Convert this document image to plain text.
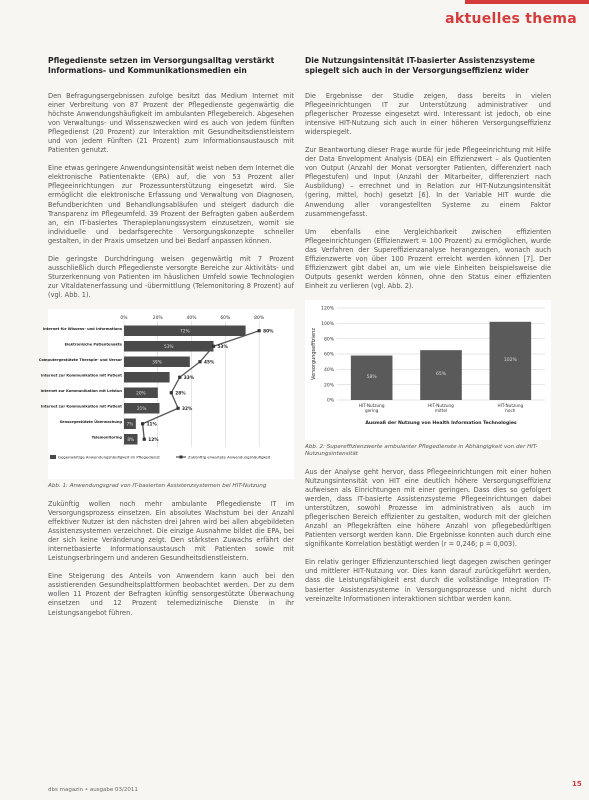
aktuelles thema
Pflegedienste setzen im Versorgungsalltag verstärkt Informations- und Kommunikationsmedien ein

Den Befragungsergebnissen zufolge besitzt das Medium Internet mit einer Verbreitung von 87 Prozent der Pflegedienste gegenwärtig die höchste Anwendungshäufigkeit im ambulanten Pflegebereich. Abgesehen von Verwaltungs- und Wissenszwecken wird es auch von jedem fünften Pflegedienst (20 Prozent) zur Interaktion mit Gesundheitsdienstleistern und von jedem Fünften (21 Prozent) zum Informationsaustausch mit Patienten genutzt.

Eine etwas geringere Anwendungsintensität weist neben dem Internet die elektronische Patientenakte (EPA) auf, die von 53 Prozent aller Pflegeeinrichtungen zur Prozessunterstützung eingesetzt wird. Sie ermöglicht die elektronische Erfassung und Verwaltung von Diagnosen, Befundberichten und Behandlungsabläufen und steigert dadurch die Transparenz im Pflegeumfeld. 39 Prozent der Befragten gaben außerdem an, ein IT-basiertes Therapieplanungssystem einzusetzen, womit sie individuelle und bedarfsgerechte Versorgungskonzepte schneller gestalten, in der Praxis umsetzen und bei Bedarf anpassen können.

Die geringste Durchdringung weisen gegenwärtig mit 7 Prozent ausschließlich durch Pflegedienste versorgte Bereiche zur Aktivitäts- und Sturzerkennung von Patienten im häuslichen Umfeld sowie Technologien zur Vitaldatenerfassung und -übermittlung (Telemonitoring 8 Prozent) auf (vgl. Abb. 1).

0%	20%	40%	60%	80%
Internet für Wissens- und Informations
72%
Elektronische Patientenakte
53%
Computergestützte Therapie- und Versor
39%
Internet zur Kommunikation mit Patient
Internet zur Kommunikation mit Leistun
20%
Internet zur Kommunikation mit Patient
21%
Sensorgestützte Überwachung
7%
Telemonitoring
8%
80%
53%
45%
33%
28%
32%
11%
12%
Gegenwärtige Anwendungshäufigkeit im Pflegedienst	Zukünftig erwartete Anwendungshäufigkeit
Abb. 1: Anwendungsgrad von IT-basierten Assistenzsystemen bei HIT-Nutzung

Zukünftig wollen noch mehr ambulante Pflegedienste IT im Versorgungsprozess einsetzen. Ein absolutes Wachstum bei der Anzahl effektiver Nutzer ist den nächsten drei Jahren wird bei allen abgebildeten Assistenzsystemen verzeichnet. Die einzige Ausnahme bildet die EPA, bei der sich keine Veränderung zeigt. Den stärksten Zuwachs erfährt der internetbasierte Informationsaustausch mit Patienten sowie mit Leistungserbringern und anderen Gesundheitsdienstleistern.

Eine Steigerung des Anteils von Anwendern kann auch bei den assistierenden Gesundheitsplattformen beobachtet werden. Der zu dem wollen 11 Prozent der Befragten künftig sensorgestützte Überwachung einsetzen und 12 Prozent telemedizinische Dienste in ihr Leistungsangebot führen.

Die Nutzungsintensität IT-basierter Assistenzsysteme spiegelt sich auch in der Versorgungseffizienz wider

Die Ergebnisse der Studie zeigen, dass bereits in vielen Pflegeeinrichtungen IT zur Unterstützung administrativer und pflegerischer Prozesse eingesetzt wird. Interessant ist jedoch, ob eine intensive HIT-Nutzung sich auch in einer höheren Versorgungseffizienz widerspiegelt.

Zur Beantwortung dieser Frage wurde für jede Pflegeeinrichtung mit Hilfe der Data Envelopment Analysis (DEA) ein Effizienzwert – als Quotienten von Output (Anzahl der Monat versorgter Patienten, differenziert nach Pflegestufen) und Input (Anzahl der Mitarbeiter, differenziert nach Ausbildung) – errechnet und in Relation zur HIT-Nutzungsintensität (gering, mittel, hoch) gesetzt [6]. In der Variable HIT wurde die Anwendung aller vorangestellten Systeme zu einem Faktor zusammengefasst.

Um ebenfalls eine Vergleichbarkeit zwischen effizienten Pflegeeinrichtungen (Effizienzwert = 100 Prozent) zu ermöglichen, wurde das Verfahren der Supereffizienzanalyse herangezogen, wonach auch Effizienzwerte von über 100 Prozent erreicht werden können [7]. Der Effizienzwert gibt dabei an, um wie viele Einheiten beispielsweise die Outputs gesenkt werden können, ohne den Status einer effizienten Einheit zu verlieren (vgl. Abb. 2).

0%
20%
40%
60%
80%
100%
120%
58%
HIT-Nutzung
gering
65%
HIT-Nutzung
mittel
102%
HIT-Nutzung
hoch
Versorgungseffizienz
Ausmaß der Nutzung von Health Information Technologies
Abb. 2: Supereffizienzwerte ambulanter Pflegedienste in Abhängigkeit von der HIT-Nutzungsintensität

Aus der Analyse geht hervor, dass Pflegeeinrichtungen mit einer hohen Nutzungsintensität von HIT eine deutlich höhere Versorgungseffizienz aufweisen als Einrichtungen mit einer geringen. Dass dies so gefolgert werden, dass IT-basierte Assistenzsysteme Pflegeeinrichtungen dabei unterstützen, sowohl Prozesse im administrativen als auch im pflegerischen Bereich effizienter zu gestalten, wodurch mit der gleichen Anzahl an Pflegekräften eine höhere Anzahl von pflegebedürftigen Patienten versorgt werden kann. Die Ergebnisse konnten auch durch eine signifikante Korrelation bestätigt werden (r = 0,246; p = 0,003).

Ein relativ geringer Effizienzunterschied liegt dagegen zwischen geringer und mittlerer HIT-Nutzung vor. Dies kann darauf zurückgeführt werden, dass die Leistungsfähigkeit erst durch die vollständige Integration IT-basierter Assistenzsysteme in Versorgungsprozesse und nicht durch vereinzelte Informationen interaktionen sichtbar werden kann.

dbs magazin • ausgabe 03/2011
15
